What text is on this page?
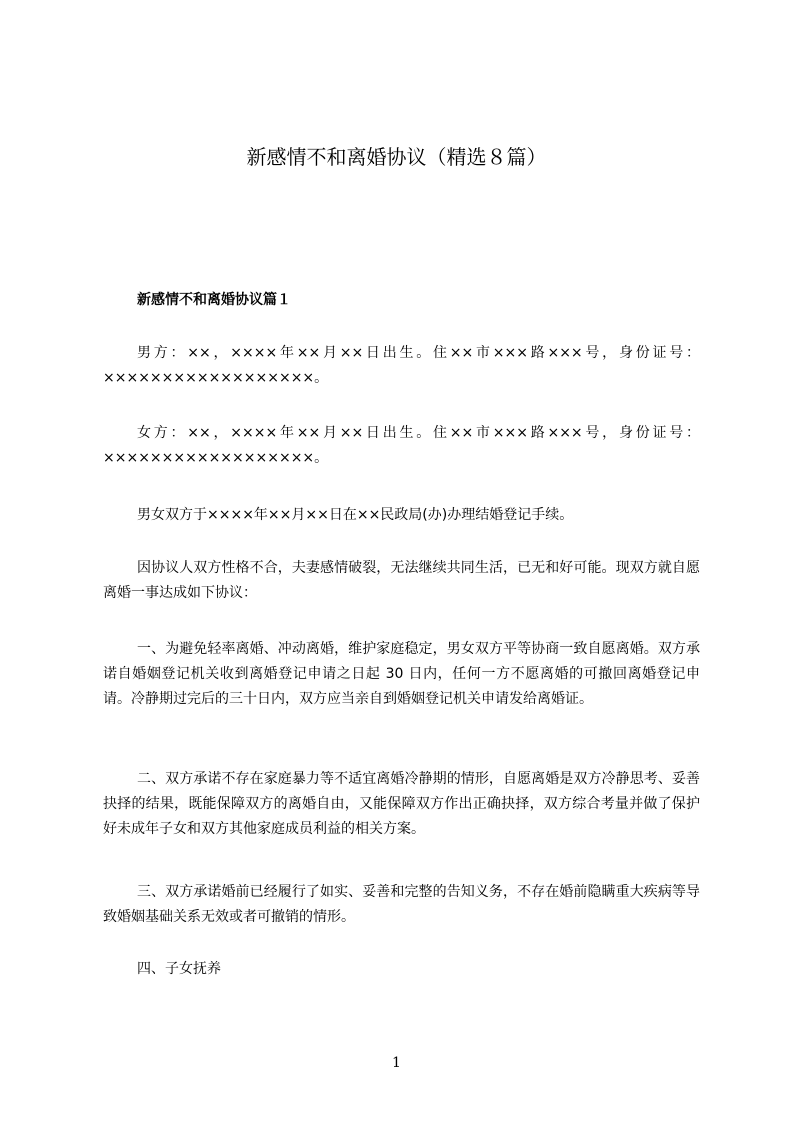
新感情不和离婚协议（精选８篇）
新感情不和离婚协议篇１

男方：××，××××年××月××日出生。住××市×××路×××号，身份证号：××××××××××××××××××。

女方：××，××××年××月××日出生。住××市×××路×××号，身份证号：××××××××××××××××××。

男女双方于××××年××月××日在××民政局(办)办理结婚登记手续。

因协议人双方性格不合，夫妻感情破裂，无法继续共同生活，已无和好可能。现双方就自愿离婚一事达成如下协议：

一、为避免轻率离婚、冲动离婚，维护家庭稳定，男女双方平等协商一致自愿离婚。双方承诺自婚姻登记机关收到离婚登记申请之日起 30 日内，任何一方不愿离婚的可撤回离婚登记申请。冷静期过完后的三十日内，双方应当亲自到婚姻登记机关申请发给离婚证。

二、双方承诺不存在家庭暴力等不适宜离婚冷静期的情形，自愿离婚是双方冷静思考、妥善抉择的结果，既能保障双方的离婚自由，又能保障双方作出正确抉择，双方综合考量并做了保护好未成年子女和双方其他家庭成员利益的相关方案。

三、双方承诺婚前已经履行了如实、妥善和完整的告知义务，不存在婚前隐瞒重大疾病等导致婚姻基础关系无效或者可撤销的情形。

四、子女抚养

1
